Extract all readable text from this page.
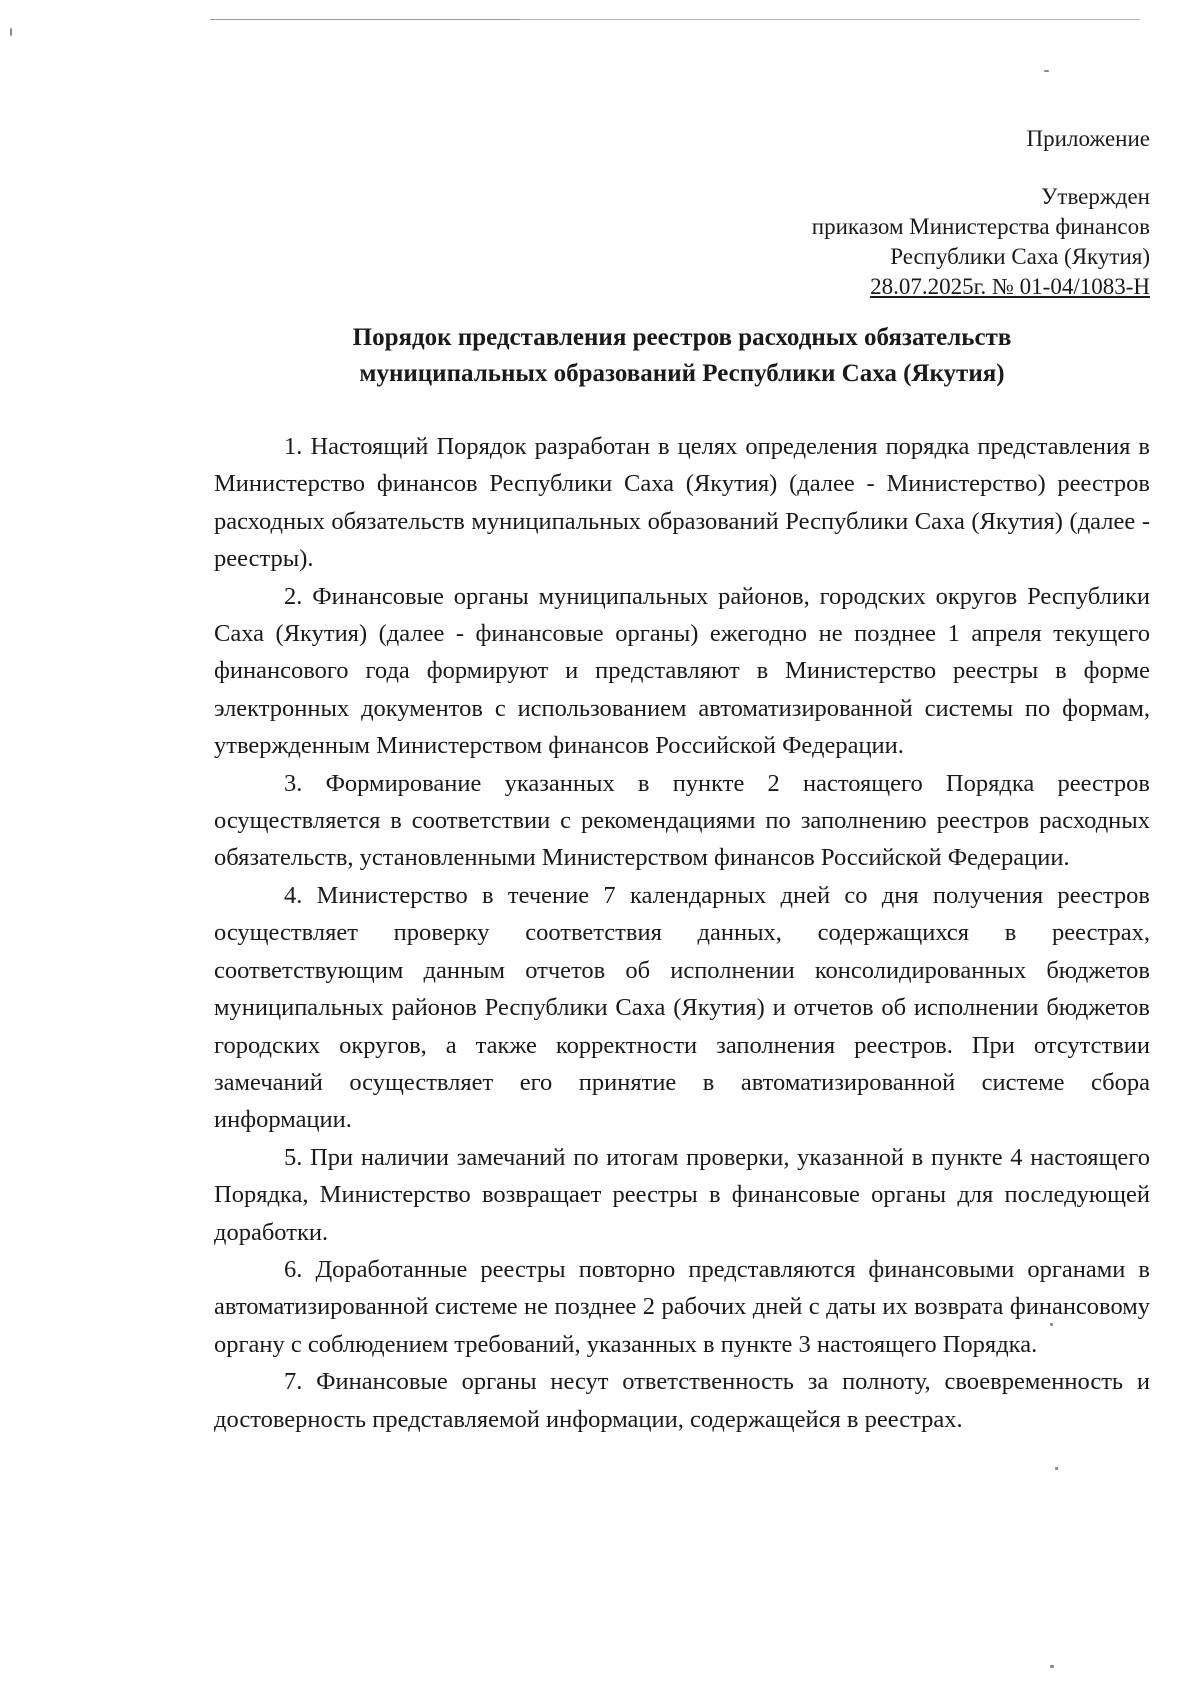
Приложение
Утвержден
приказом Министерства финансов
Республики Саха (Якутия)
28.07.2025г. № 01-04/1083-Н
Порядок представления реестров расходных обязательств
муниципальных образований Республики Саха (Якутия)

1. Настоящий Порядок разработан в целях определения порядка представления в Министерство финансов Республики Саха (Якутия) (далее - Министерство) реестров расходных обязательств муниципальных образований Республики Саха (Якутия) (далее - реестры).

2. Финансовые органы муниципальных районов, городских округов Республики Саха (Якутия) (далее - финансовые органы) ежегодно не позднее 1 апреля текущего финансового года формируют и представляют в Министерство реестры в форме электронных документов с использованием автоматизированной системы по формам, утвержденным Министерством финансов Российской Федерации.

3. Формирование указанных в пункте 2 настоящего Порядка реестров осуществляется в соответствии с рекомендациями по заполнению реестров расходных обязательств, установленными Министерством финансов Российской Федерации.

4. Министерство в течение 7 календарных дней со дня получения реестров осуществляет проверку соответствия данных, содержащихся в реестрах, соответствующим данным отчетов об исполнении консолидированных бюджетов муниципальных районов Республики Саха (Якутия) и отчетов об исполнении бюджетов городских округов, а также корректности заполнения реестров. При отсутствии замечаний осуществляет его принятие в автоматизированной системе сбора информации.

5. При наличии замечаний по итогам проверки, указанной в пункте 4 настоящего Порядка, Министерство возвращает реестры в финансовые органы для последующей доработки.

6. Доработанные реестры повторно представляются финансовыми органами в автоматизированной системе не позднее 2 рабочих дней с даты их возврата финансовому органу с соблюдением требований, указанных в пункте 3 настоящего Порядка.

7. Финансовые органы несут ответственность за полноту, своевременность и достоверность представляемой информации, содержащейся в реестрах.
